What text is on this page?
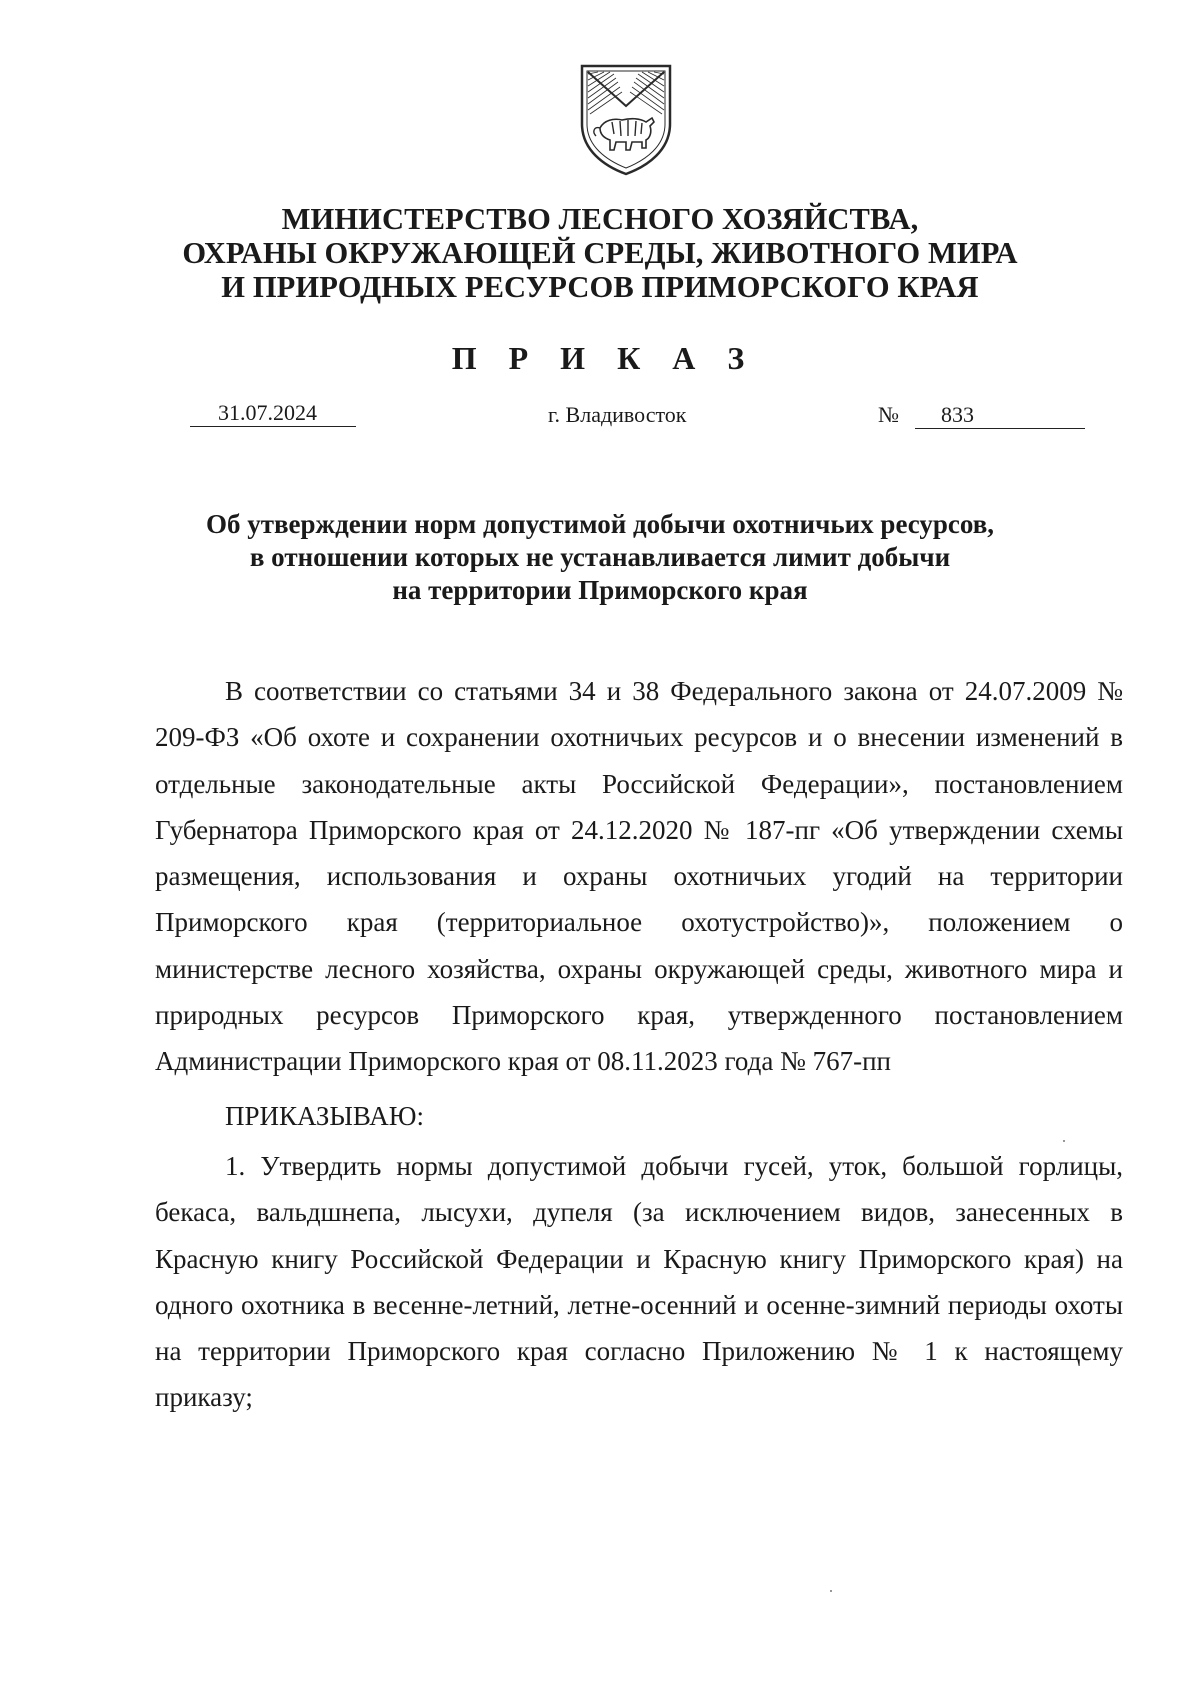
МИНИСТЕРСТВО ЛЕСНОГО ХОЗЯЙСТВА,
ОХРАНЫ ОКРУЖАЮЩЕЙ СРЕДЫ, ЖИВОТНОГО МИРА
И ПРИРОДНЫХ РЕСУРСОВ ПРИМОРСКОГО КРАЯ
П Р И К А З
31.07.2024	г. Владивосток	№	833
Об утверждении норм допустимой добычи охотничьих ресурсов,
в отношении которых не устанавливается лимит добычи
на территории Приморского края

В соответствии со статьями 34 и 38 Федерального закона от 24.07.2009 № 209-ФЗ «Об охоте и сохранении охотничьих ресурсов и о внесении изменений в отдельные законодательные акты Российской Федерации», постановлением Губернатора Приморского края от 24.12.2020 № 187-пг «Об утверждении схемы размещения, использования и охраны охотничьих угодий на территории Приморского края (территориальное охотустройство)», положением о министерстве лесного хозяйства, охраны окружающей среды, животного мира и природных ресурсов Приморского края, утвержденного постановлением Администрации Приморского края от 08.11.2023 года № 767-пп

ПРИКАЗЫВАЮ:

1. Утвердить нормы допустимой добычи гусей, уток, большой горлицы, бекаса, вальдшнепа, лысухи, дупеля (за исключением видов, занесенных в Красную книгу Российской Федерации и Красную книгу Приморского края) на одного охотника в весенне-летний, летне-осенний и осенне-зимний периоды охоты на территории Приморского края согласно Приложению № 1 к настоящему приказу;
